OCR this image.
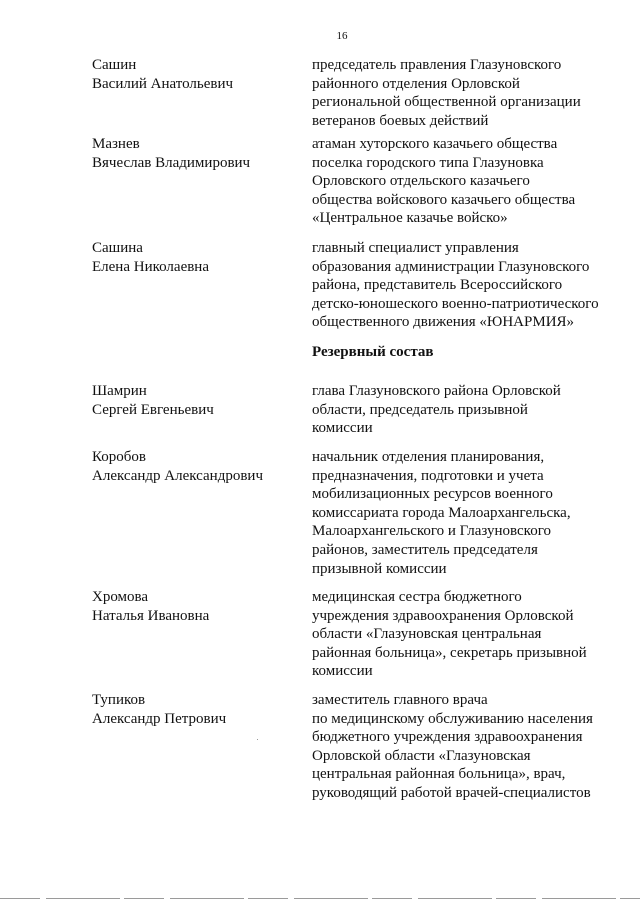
16
Сашин
Василий Анатольевич
председатель правления Глазуновского
районного отделения Орловской
региональной общественной организации
ветеранов боевых действий
Мазнев
Вячеслав Владимирович
атаман хуторского казачьего общества
поселка городского типа Глазуновка
Орловского отдельского казачьего
общества войскового казачьего общества
«Центральное казачье войско»
Сашина
Елена Николаевна
главный специалист управления
образования администрации Глазуновского
района, представитель Всероссийского
детско-юношеского военно-патриотического
общественного движения «ЮНАРМИЯ»
Резервный состав
Шамрин
Сергей Евгеньевич
глава Глазуновского района Орловской
области, председатель призывной
комиссии
Коробов
Александр Александрович
начальник отделения планирования,
предназначения, подготовки и учета
мобилизационных ресурсов военного
комиссариата города Малоархангельска,
Малоархангельского и Глазуновского
районов, заместитель председателя
призывной комиссии
Хромова
Наталья Ивановна
медицинская сестра бюджетного
учреждения здравоохранения Орловской
области «Глазуновская центральная
районная больница», секретарь призывной
комиссии
Тупиков
Александр Петрович
заместитель главного врача
по медицинскому обслуживанию населения
бюджетного учреждения здравоохранения
Орловской области «Глазуновская
центральная районная больница», врач,
руководящий работой врачей-специалистов
